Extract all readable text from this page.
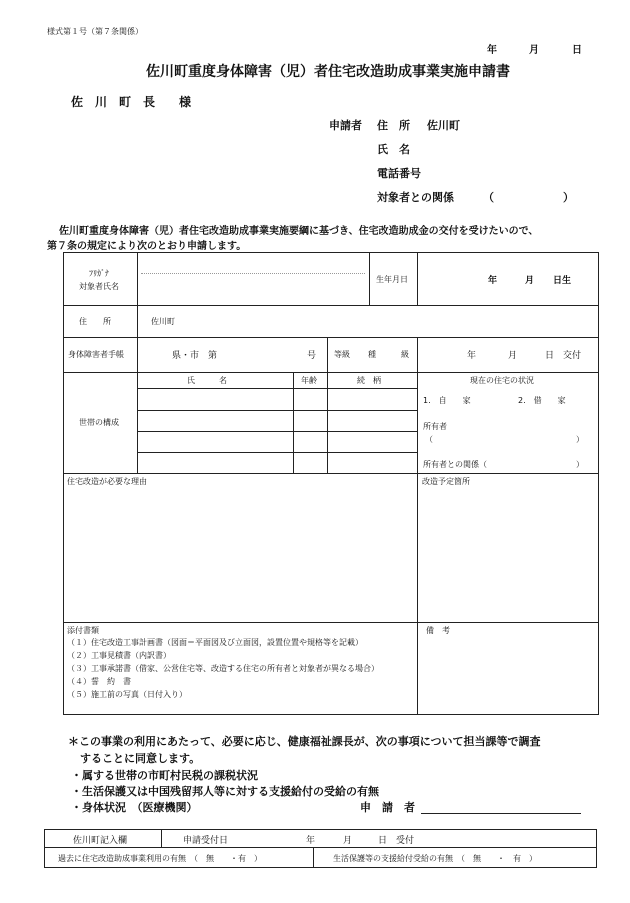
様式第１号（第７条関係）
年	月	日
佐川町重度身体障害（児）者住宅改造助成事業実施申請書
佐　川　町　長　　様
申請者 住　所 佐川町
氏　名
電話番号
対象者との関係	（	）
佐川町重度身体障害（児）者住宅改造助成事業実施要綱に基づき、住宅改造助成金の交付を受けたいので、
第７条の規定により次のとおり申請します。
ﾌﾘｶﾞﾅ
対象者氏名
生年月日	年	月 日生
住　　所	佐川町
身体障害者手帳	県・市　第	号 等級 種	級	年	月	日　交付
世帯の構成
氏　　　名	年齢	続　柄	現在の住宅の状況
1.　自　　家	2.　借　　家
所有者
（	）
所有者との関係（	）
住宅改造が必要な理由	改造予定箇所
添付書類
（１）住宅改造工事計画書（図面＝平面図及び立面図，設置位置や規格等を記載）
（２）工事見積書（内訳書）
（３）工事承諾書（借家、公営住宅等、改造する住宅の所有者と対象者が異なる場合）
（４）誓　約　書
（５）施工前の写真（日付入り）
備　考
＊この事業の利用にあたって、必要に応じ、健康福祉課長が、次の事項について担当課等で調査
することに同意します。
・属する世帯の市町村民税の課税状況
・生活保護又は中国残留邦人等に対する支援給付の受給の有無
・身体状況　（医療機関）	申　請　者
佐川町記入欄	申請受付日	年	月	日　受付
過去に住宅改造助成事業利用の有無　（　無　　・有　）	生活保護等の支援給付受給の有無　（　無　　・　有　）
